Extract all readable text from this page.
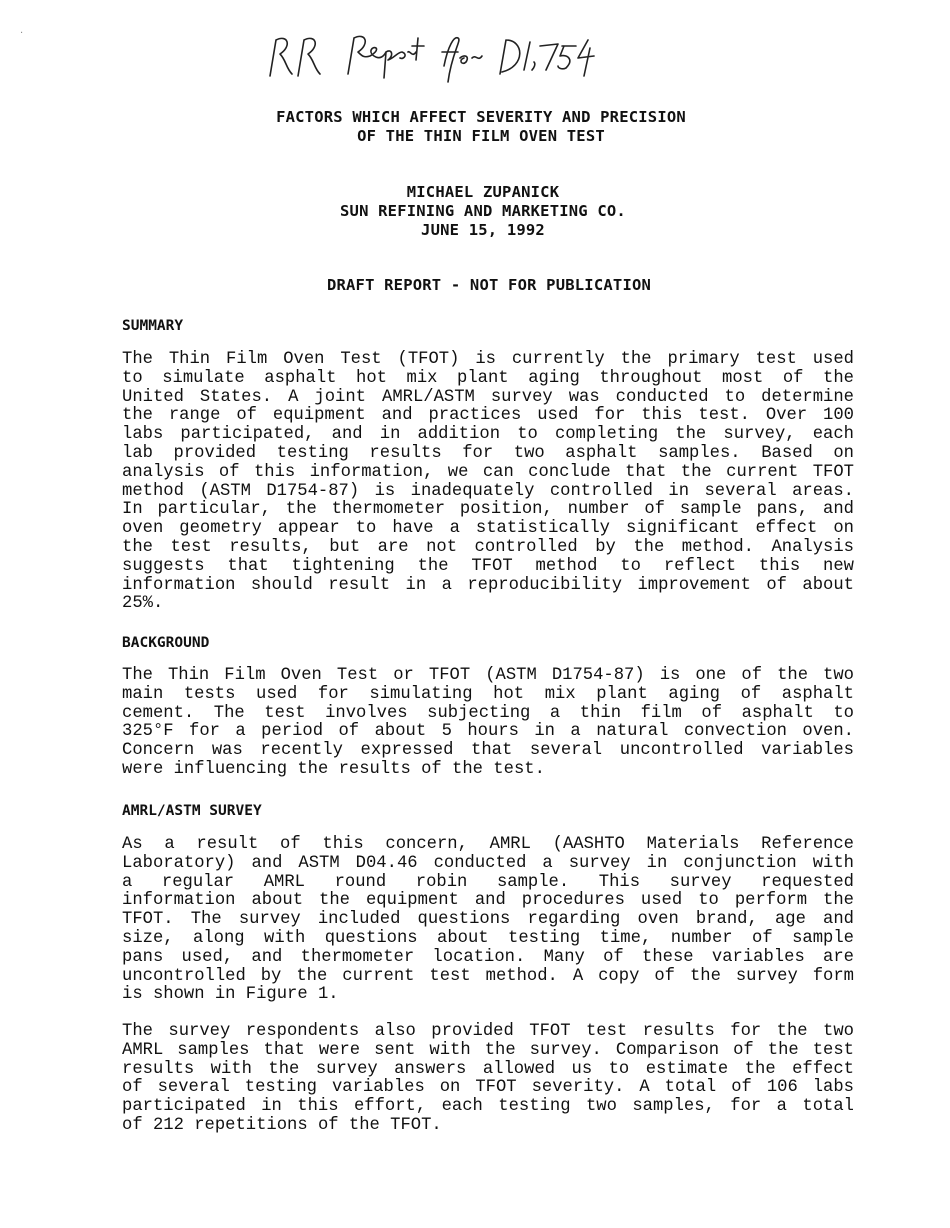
FACTORS WHICH AFFECT SEVERITY AND PRECISION
OF THE THIN FILM OVEN TEST
MICHAEL ZUPANICK
SUN REFINING AND MARKETING CO.
JUNE 15, 1992
DRAFT REPORT - NOT FOR PUBLICATION
SUMMARY
The Thin Film Oven Test (TFOT) is currently the primary test used
to simulate asphalt hot mix plant aging throughout most of the
United States. A joint AMRL/ASTM survey was conducted to determine
the range of equipment and practices used for this test. Over 100
labs participated, and in addition to completing the survey, each
lab provided testing results for two asphalt samples. Based on
analysis of this information, we can conclude that the current TFOT
method (ASTM D1754-87) is inadequately controlled in several areas.
In particular, the thermometer position, number of sample pans, and
oven geometry appear to have a statistically significant effect on
the test results, but are not controlled by the method. Analysis
suggests that tightening the TFOT method to reflect this new
information should result in a reproducibility improvement of about
25%.
BACKGROUND
The Thin Film Oven Test or TFOT (ASTM D1754-87) is one of the two
main tests used for simulating hot mix plant aging of asphalt
cement. The test involves subjecting a thin film of asphalt to
325°F for a period of about 5 hours in a natural convection oven.
Concern was recently expressed that several uncontrolled variables
were influencing the results of the test.
AMRL/ASTM SURVEY
As a result of this concern, AMRL (AASHTO Materials Reference
Laboratory) and ASTM D04.46 conducted a survey in conjunction with
a regular AMRL round robin sample. This survey requested
information about the equipment and procedures used to perform the
TFOT. The survey included questions regarding oven brand, age and
size, along with questions about testing time, number of sample
pans used, and thermometer location. Many of these variables are
uncontrolled by the current test method. A copy of the survey form
is shown in Figure 1.
The survey respondents also provided TFOT test results for the two
AMRL samples that were sent with the survey. Comparison of the test
results with the survey answers allowed us to estimate the effect
of several testing variables on TFOT severity. A total of 106 labs
participated in this effort, each testing two samples, for a total
of 212 repetitions of the TFOT.
·
